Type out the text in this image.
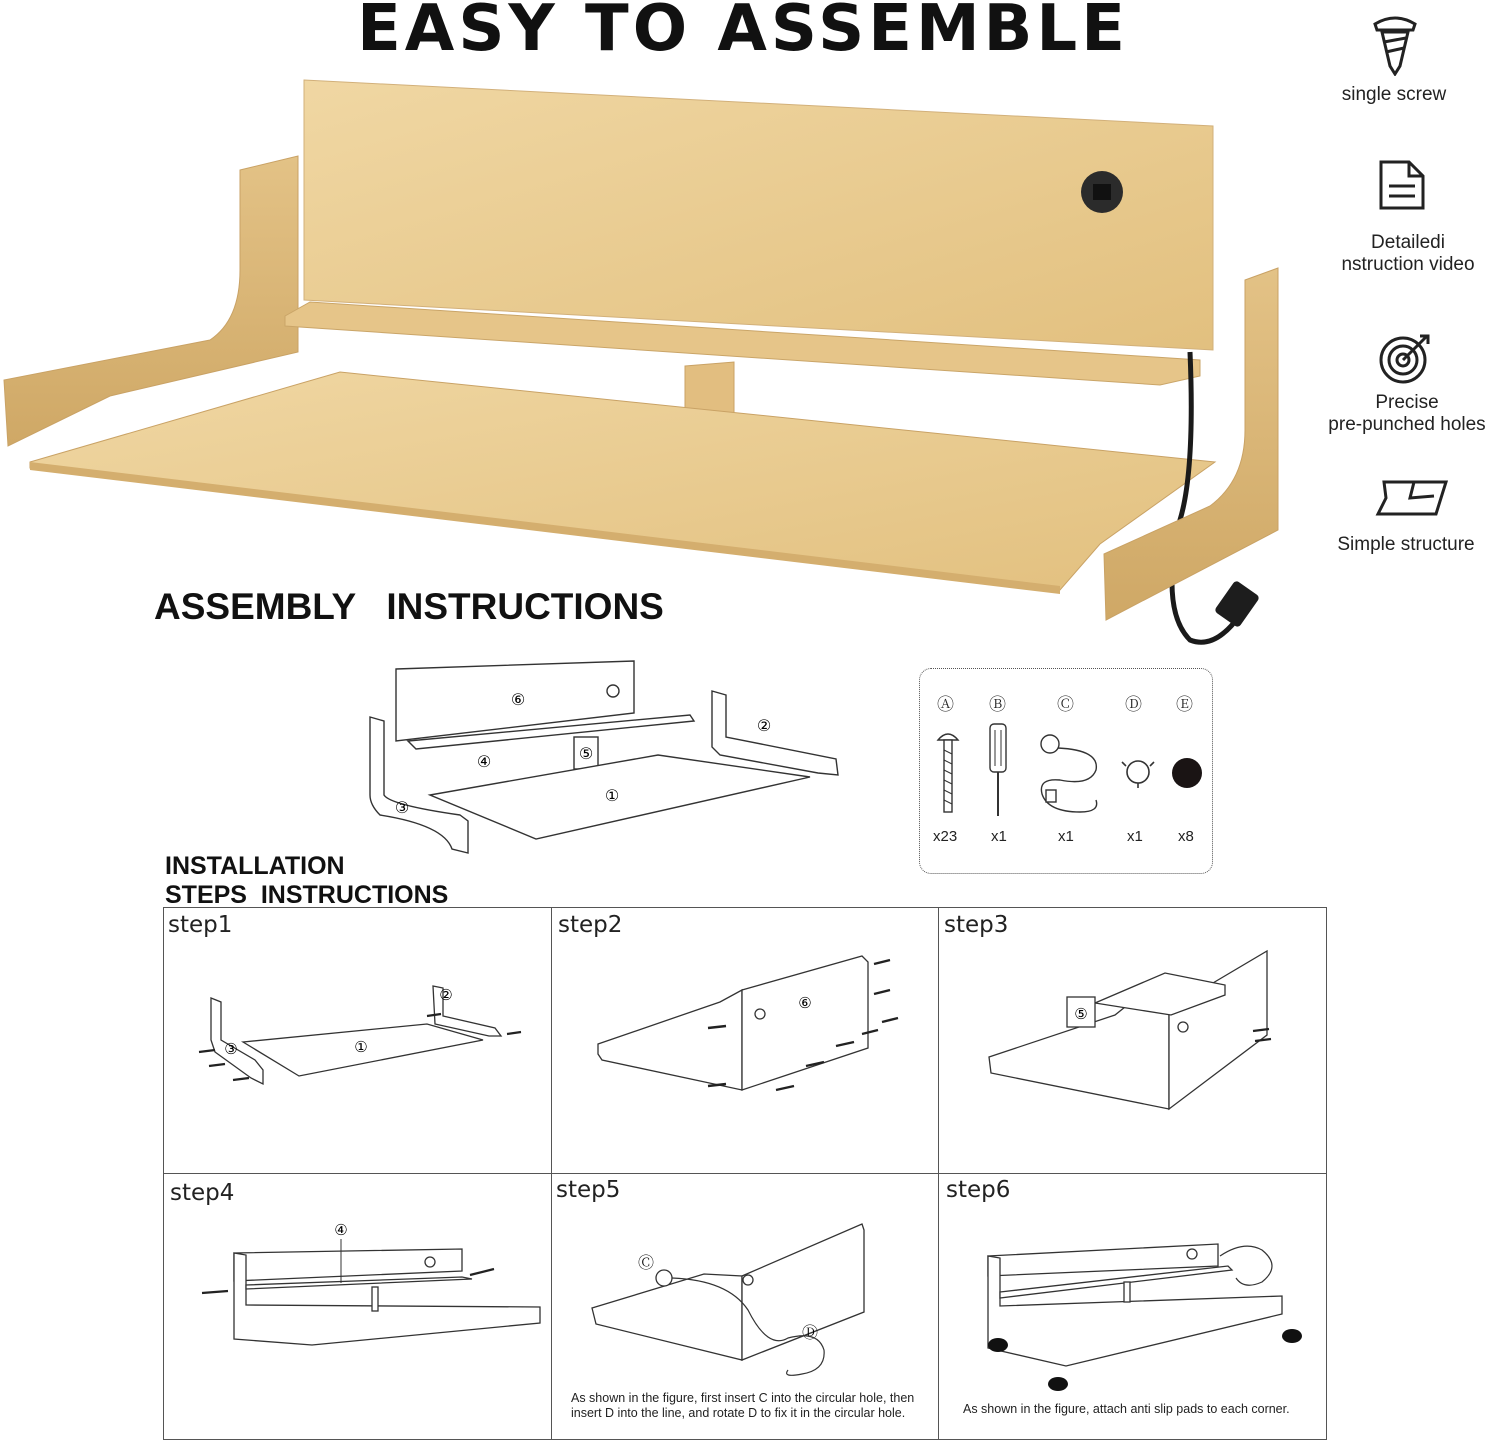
EASY TO ASSEMBLE
single screw
Detailedi
nstruction video
Precise
pre-punched holes
Simple structure
ASSEMBLY   INSTRUCTIONS
⑥
④	⑤
①
③
②
Ⓐ Ⓑ	Ⓒ	Ⓓ Ⓔ
x23 x1	x1	x1 x8
INSTALLATION
STEPS  INSTRUCTIONS
step1	step2	step3
step4	step5	step6
①
②
③
⑥
⑤
④
Ⓒ
Ⓓ
As shown in the figure, first insert C into the circular hole, then insert D into the line, and rotate D to fix it in the circular hole.	As shown in the figure, attach anti slip pads to each corner.
